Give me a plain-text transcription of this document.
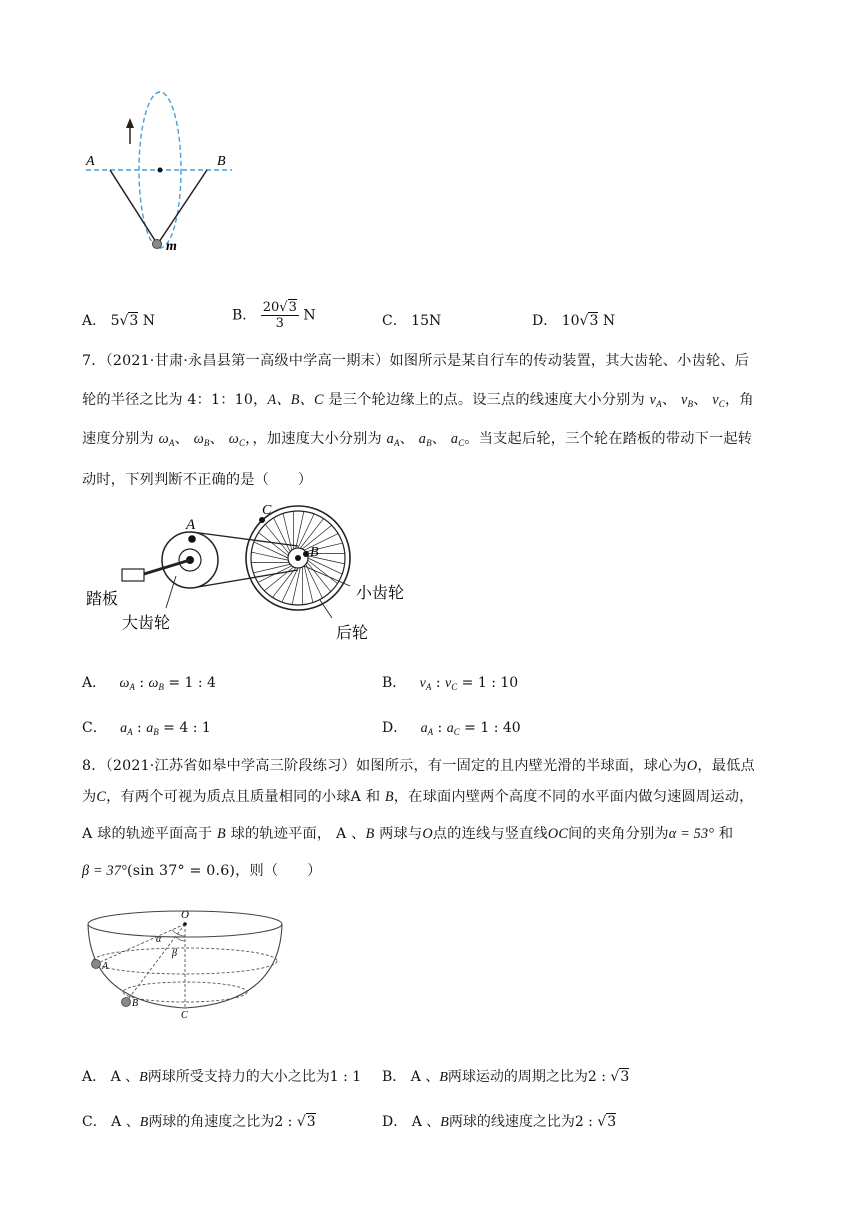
A	B
m
A． 5√3 N	B． $\frac{20√3}{3}$ N	C． 15N	D． 10√3 N
7．（2021·甘肃·永昌县第一高级中学高一期末）如图所示是某自行车的传动装置，其大齿轮、小齿轮、后
轮的半径之比为 4：1：10，A、B、C 是三个轮边缘上的点。设三点的线速度大小分别为 $v_A$、 $v_B$、 $v_C$，角
速度分别为 $\omega_A$、 $\omega_B$、 $\omega_C$，，加速度大小分别为 $a_A$、 $a_B$、 $a_C$。当支起后轮，三个轮在踏板的带动下一起转
动时，下列判断不正确的是（　　）
A
C
B
踏板
大齿轮
小齿轮
后轮
A． $\omega_A$ : $\omega_B = 1$ : 4	B． $v_A$ : $v_C = 1$ : 10
C． $a_A$ : $a_B = 4$ : 1	D． $a_A$ : $a_C = 1$ : 40
8．（2021·江苏省如皋中学高三阶段练习）如图所示，有一固定的且内壁光滑的半球面，球心为O，最低点
为C，有两个可视为质点且质量相同的小球A 和 B，在球面内壁两个高度不同的水平面内做匀速圆周运动，
A 球的轨迹平面高于 B 球的轨迹平面， A 、B 两球与O点的连线与竖直线OC间的夹角分别为α = 53° 和
β = 37°(sin 37° = 0.6)，则（　　）
O
A
B
C
α
β
A． A 、B两球所受支持力的大小之比为1 : 1 B． A 、B两球运动的周期之比为2 : √3
C． A 、B两球的角速度之比为2 : √3	D． A 、B两球的线速度之比为2 : √3
